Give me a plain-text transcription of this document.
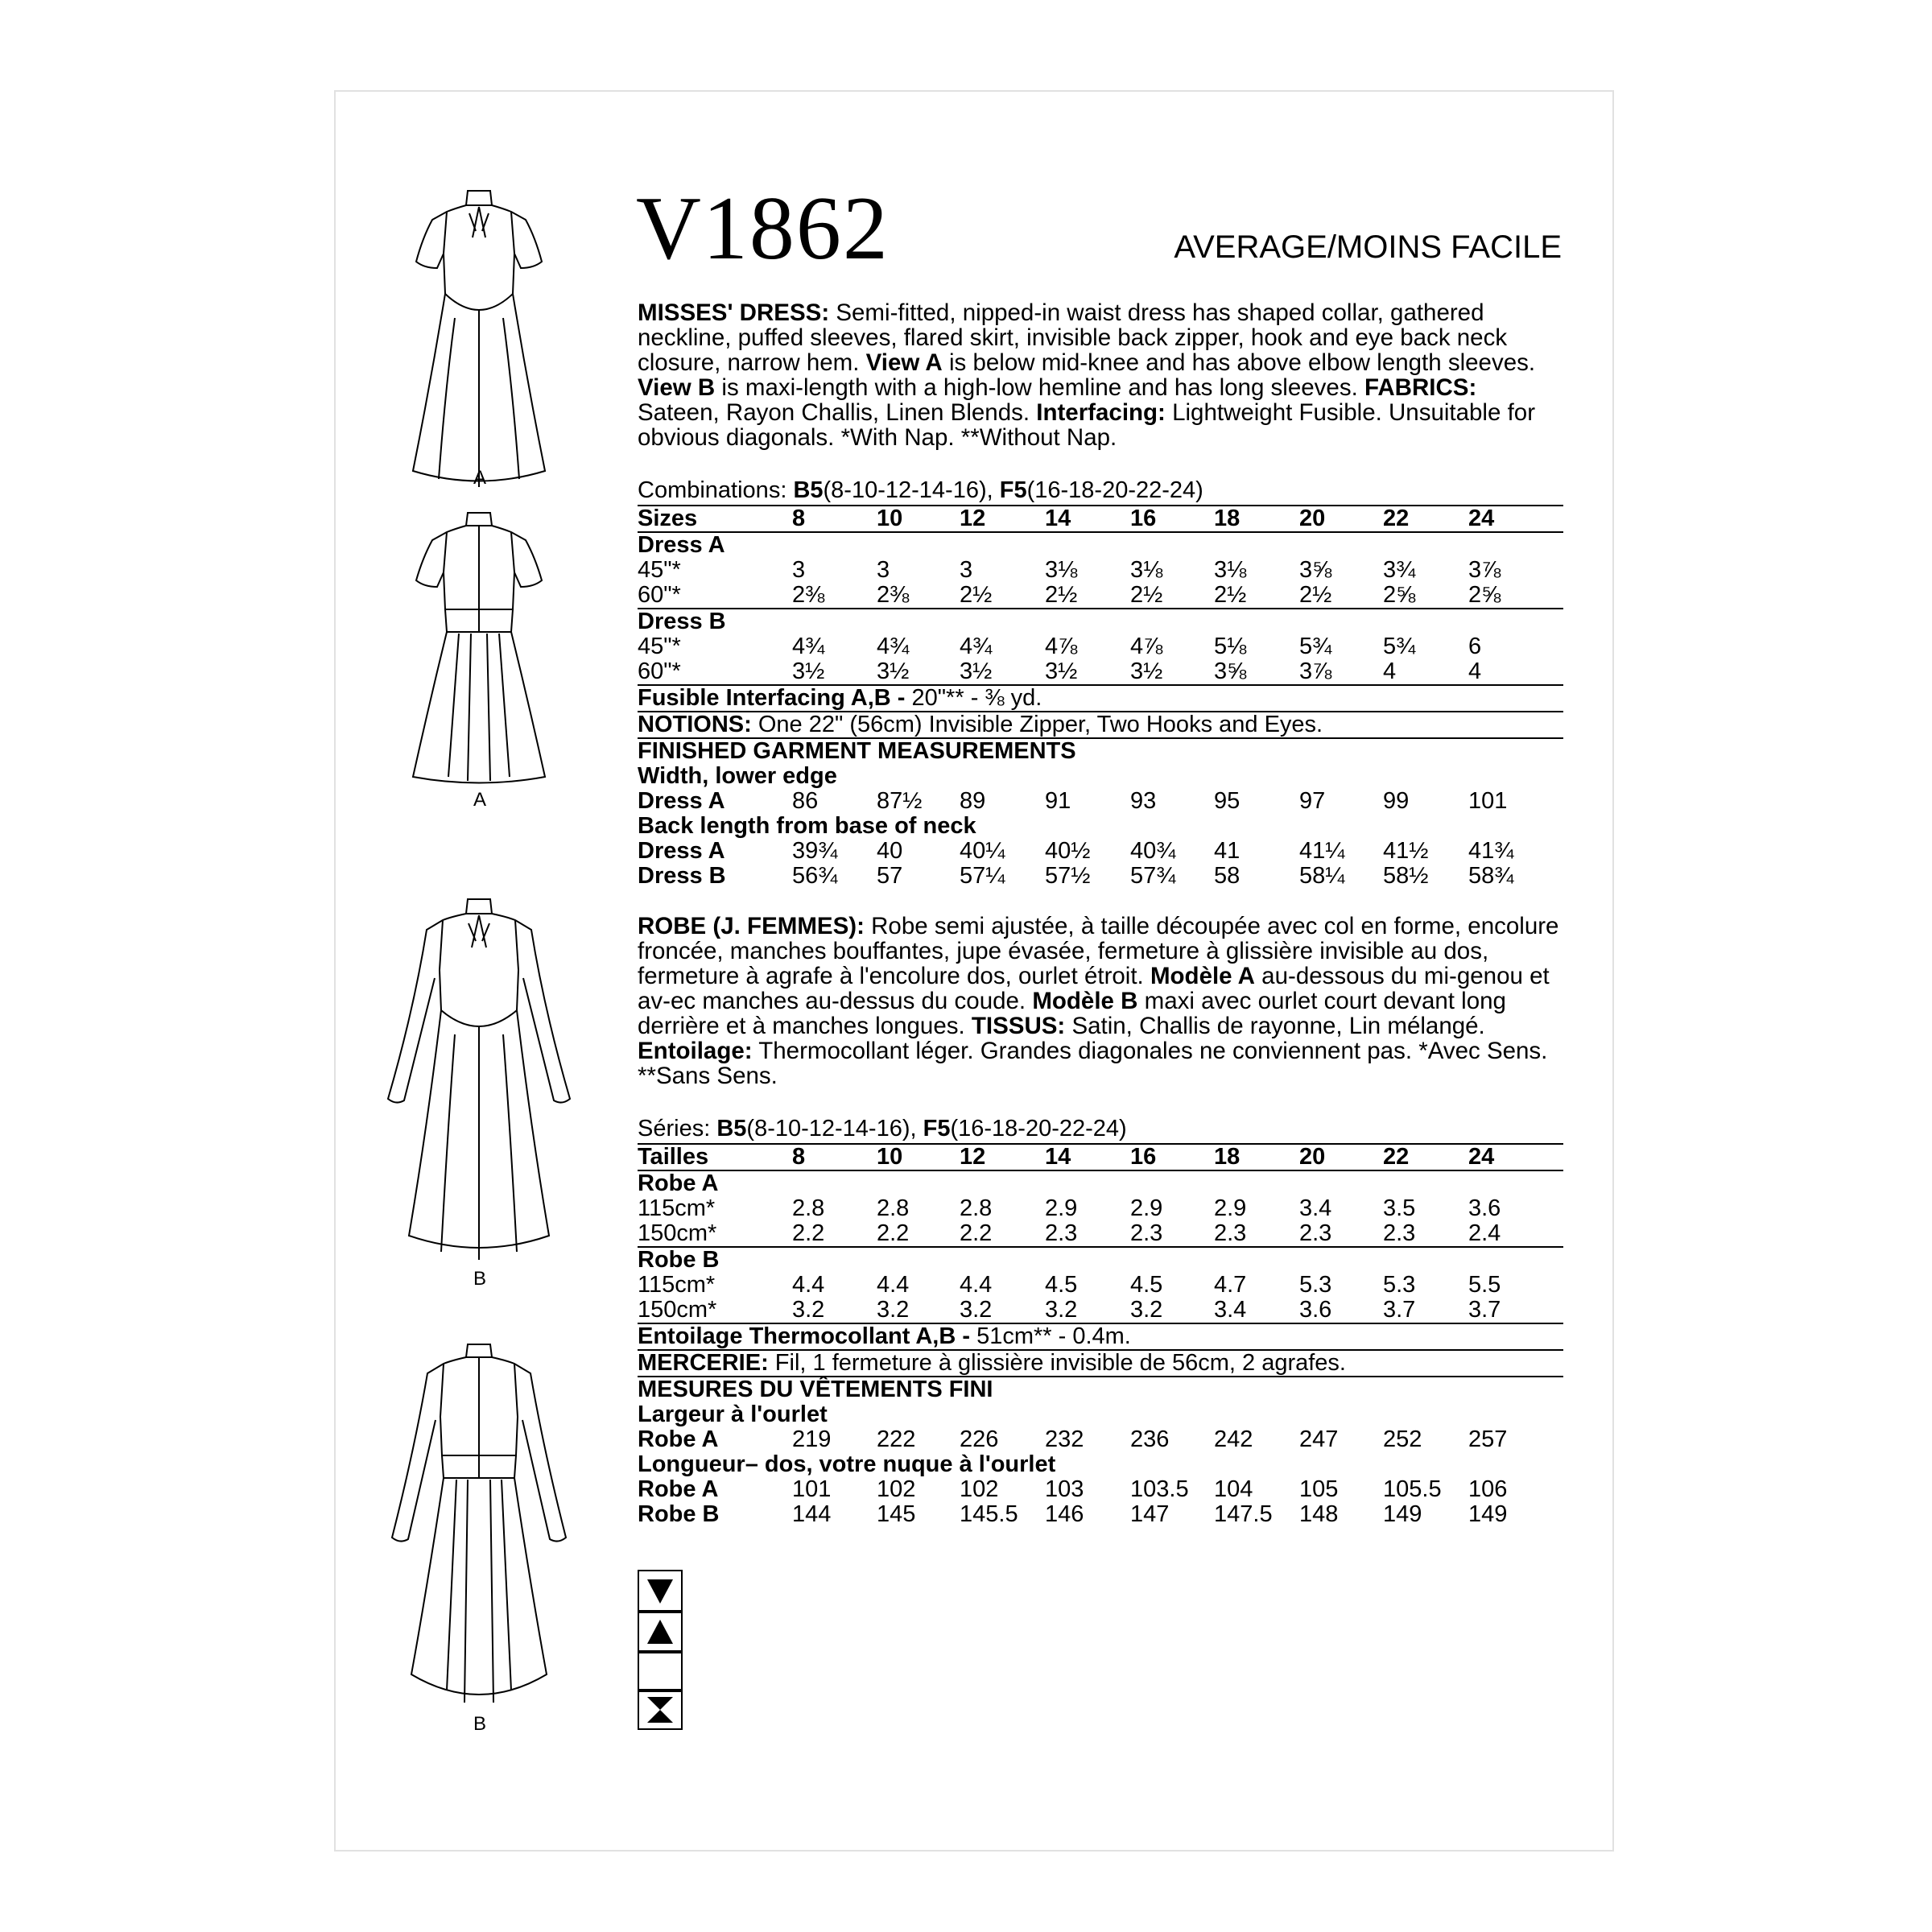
A
A
B
B
V1862	AVERAGE/MOINS FACILE
MISSES' DRESS: Semi-fitted, nipped-in waist dress has shaped collar, gathered neckline, puffed sleeves, flared skirt, invisible back zipper, hook and eye back neck closure, narrow hem. View A is below mid-knee and has above elbow length sleeves. View B is maxi-length with a high-low hemline and has long sleeves. FABRICS: Sateen, Rayon Challis, Linen Blends. Interfacing: Lightweight Fusible. Unsuitable for obvious diagonals. *With Nap. **Without Nap.
Combinations: B5(8-10-12-14-16), F5(16-18-20-22-24)
Sizes	8	10 12	14	16 18	20 22	24
Dress A
45"*	3	3	3	3⅛ 3⅛ 3⅛ 3⅝ 3¾ 3⅞
60"*	2⅜ 2⅜ 2½ 2½ 2½ 2½ 2½ 2⅝ 2⅝
Dress B
45"*	4¾ 4¾ 4¾ 4⅞ 4⅞ 5⅛ 5¾ 5¾ 6
60"*	3½ 3½ 3½ 3½ 3½ 3⅝ 3⅞ 4	4
Fusible Interfacing A,B - 20"** - ⅜ yd.
NOTIONS: One 22" (56cm) Invisible Zipper, Two Hooks and Eyes.
FINISHED GARMENT MEASUREMENTS
Width, lower edge
Dress A	86	87½ 89	91	93 95	97 99	101
Back length from base of neck
Dress A	39¾ 40 40¼ 40½ 40¾ 41	41¼ 41½ 41¾
Dress B	56¾ 57 57¼ 57½ 57¾ 58	58¼ 58½ 58¾
ROBE (J. FEMMES): Robe semi ajustée, à taille découpée avec col en forme, encolure froncée, manches bouffantes, jupe évasée, fermeture à glissière invisible au dos, fermeture à agrafe à l'encolure dos, ourlet étroit. Modèle A au-dessous du mi-genou et av-ec manches au-dessus du coude. Modèle B maxi avec ourlet court devant long derrière et à manches longues. TISSUS: Satin, Challis de rayonne, Lin mélangé. Entoilage: Thermocollant léger. Grandes diagonales ne conviennent pas. *Avec Sens. **Sans Sens.
Séries: B5(8-10-12-14-16), F5(16-18-20-22-24)
Tailles	8	10 12	14	16 18	20 22	24
Robe A
115cm*	2.8 2.8 2.8 2.9 2.9 2.9 3.4 3.5 3.6
150cm*	2.2 2.2 2.2 2.3 2.3 2.3 2.3 2.3 2.4
Robe B
115cm*	4.4 4.4 4.4 4.5 4.5 4.7 5.3 5.3 5.5
150cm*	3.2 3.2 3.2 3.2 3.2 3.4 3.6 3.7 3.7
Entoilage Thermocollant A,B - 51cm** - 0.4m.
MERCERIE: Fil, 1 fermeture à glissière invisible de 56cm, 2 agrafes.
MESURES DU VÊTEMENTS FINI
Largeur à l'ourlet
Robe A	219 222 226 232 236 242 247 252 257
Longueur– dos, votre nuque à l'ourlet
Robe A	101 102 102 103 103.5 104 105 105.5 106
Robe B	144 145 145.5 146 147 147.5 148 149 149
